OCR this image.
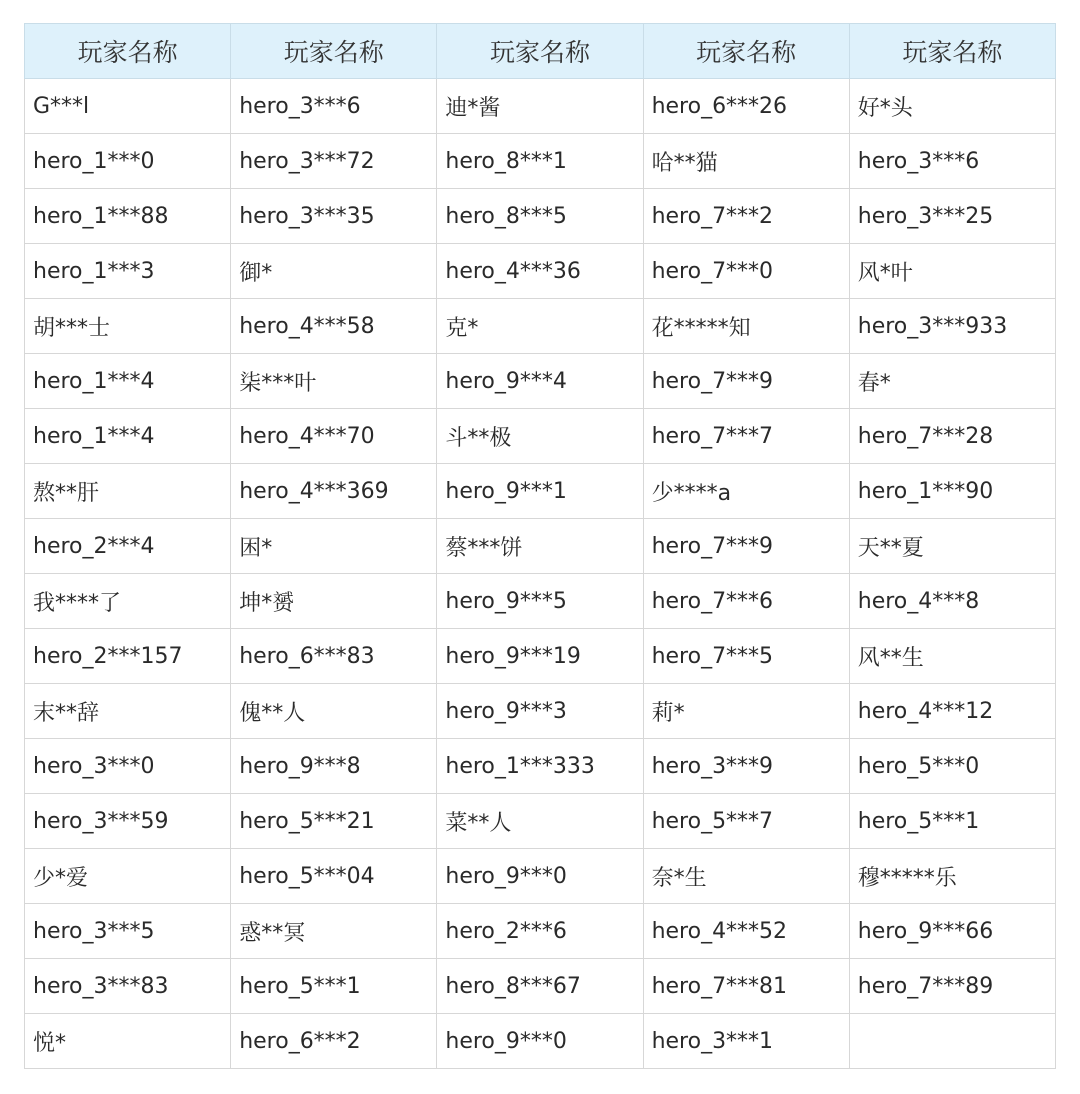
玩家名称	玩家名称	玩家名称	玩家名称	玩家名称
G***l	hero_3***6	迪*酱	hero_6***26	好*头
hero_1***0	hero_3***72	hero_8***1	哈**猫	hero_3***6
hero_1***88	hero_3***35	hero_8***5	hero_7***2	hero_3***25
hero_1***3	御*	hero_4***36	hero_7***0	风*叶
胡***士	hero_4***58	克*	花*****知	hero_3***933
hero_1***4	柒***叶	hero_9***4	hero_7***9	春*
hero_1***4	hero_4***70	斗**极	hero_7***7	hero_7***28
熬**肝	hero_4***369	hero_9***1	少****a	hero_1***90
hero_2***4	困*	蔡***饼	hero_7***9	天**夏
我****了	坤*赟	hero_9***5	hero_7***6	hero_4***8
hero_2***157	hero_6***83	hero_9***19	hero_7***5	风**生
末**辞	傀**人	hero_9***3	莉*	hero_4***12
hero_3***0	hero_9***8	hero_1***333	hero_3***9	hero_5***0
hero_3***59	hero_5***21	菜**人	hero_5***7	hero_5***1
少*爱	hero_5***04	hero_9***0	奈*生	穆*****乐
hero_3***5	惑**冥	hero_2***6	hero_4***52	hero_9***66
hero_3***83	hero_5***1	hero_8***67	hero_7***81	hero_7***89
悦*	hero_6***2	hero_9***0	hero_3***1	
